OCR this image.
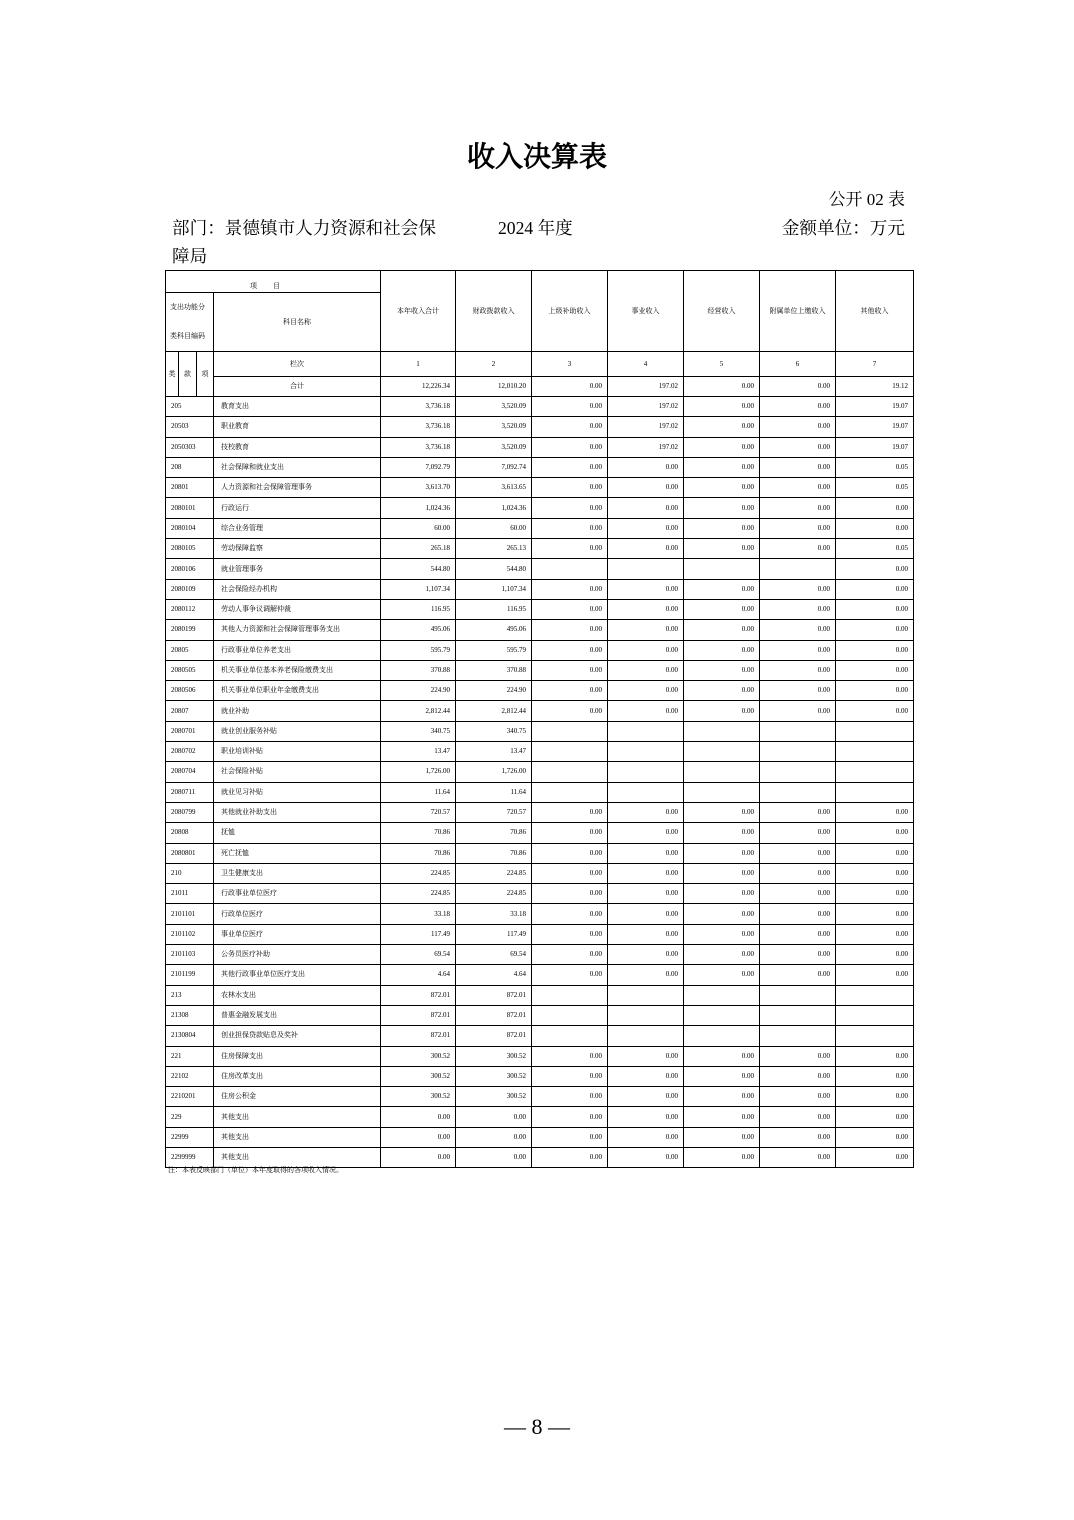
收入决算表
公开 02 表
部门：景德镇市人力资源和社会保
障局
2024 年度	金额单位：万元
项目				本年收入合计	财政拨款收入	上级补助收入	事业收入	经营收入	附属单位上缴收入	其他收入
支出功能分类科目编码			科目名称							
类	款	项	栏次	1	2	3	4	5	6	7
			合计	12,226.34	12,010.20	0.00	197.02	0.00	0.00	19.12
205			教育支出	3,736.18	3,520.09	0.00	197.02	0.00	0.00	19.07
20503			职业教育	3,736.18	3,520.09	0.00	197.02	0.00	0.00	19.07
2050303			技校教育	3,736.18	3,520.09	0.00	197.02	0.00	0.00	19.07
208			社会保障和就业支出	7,092.79	7,092.74	0.00	0.00	0.00	0.00	0.05
20801			人力资源和社会保障管理事务	3,613.70	3,613.65	0.00	0.00	0.00	0.00	0.05
2080101			行政运行	1,024.36	1,024.36	0.00	0.00	0.00	0.00	0.00
2080104			综合业务管理	60.00	60.00	0.00	0.00	0.00	0.00	0.00
2080105			劳动保障监察	265.18	265.13	0.00	0.00	0.00	0.00	0.05
2080106			就业管理事务	544.80	544.80					0.00
2080109			社会保险经办机构	1,107.34	1,107.34	0.00	0.00	0.00	0.00	0.00
2080112			劳动人事争议调解仲裁	116.95	116.95	0.00	0.00	0.00	0.00	0.00
2080199			其他人力资源和社会保障管理事务支出	495.06	495.06	0.00	0.00	0.00	0.00	0.00
20805			行政事业单位养老支出	595.79	595.79	0.00	0.00	0.00	0.00	0.00
2080505			机关事业单位基本养老保险缴费支出	370.88	370.88	0.00	0.00	0.00	0.00	0.00
2080506			机关事业单位职业年金缴费支出	224.90	224.90	0.00	0.00	0.00	0.00	0.00
20807			就业补助	2,812.44	2,812.44	0.00	0.00	0.00	0.00	0.00
2080701			就业创业服务补贴	340.75	340.75					
2080702			职业培训补贴	13.47	13.47					
2080704			社会保险补贴	1,726.00	1,726.00					
2080711			就业见习补贴	11.64	11.64					
2080799			其他就业补助支出	720.57	720.57	0.00	0.00	0.00	0.00	0.00
20808			抚恤	70.86	70.86	0.00	0.00	0.00	0.00	0.00
2080801			死亡抚恤	70.86	70.86	0.00	0.00	0.00	0.00	0.00
210			卫生健康支出	224.85	224.85	0.00	0.00	0.00	0.00	0.00
21011			行政事业单位医疗	224.85	224.85	0.00	0.00	0.00	0.00	0.00
2101101			行政单位医疗	33.18	33.18	0.00	0.00	0.00	0.00	0.00
2101102			事业单位医疗	117.49	117.49	0.00	0.00	0.00	0.00	0.00
2101103			公务员医疗补助	69.54	69.54	0.00	0.00	0.00	0.00	0.00
2101199			其他行政事业单位医疗支出	4.64	4.64	0.00	0.00	0.00	0.00	0.00
213			农林水支出	872.01	872.01					
21308			普惠金融发展支出	872.01	872.01					
2130804			创业担保贷款贴息及奖补	872.01	872.01					
221			住房保障支出	300.52	300.52	0.00	0.00	0.00	0.00	0.00
22102			住房改革支出	300.52	300.52	0.00	0.00	0.00	0.00	0.00
2210201			住房公积金	300.52	300.52	0.00	0.00	0.00	0.00	0.00
229			其他支出	0.00	0.00	0.00	0.00	0.00	0.00	0.00
22999			其他支出	0.00	0.00	0.00	0.00	0.00	0.00	0.00
2299999			其他支出	0.00	0.00	0.00	0.00	0.00	0.00	0.00
注：本表反映部门（单位）本年度取得的各项收入情况。
— 8 —
